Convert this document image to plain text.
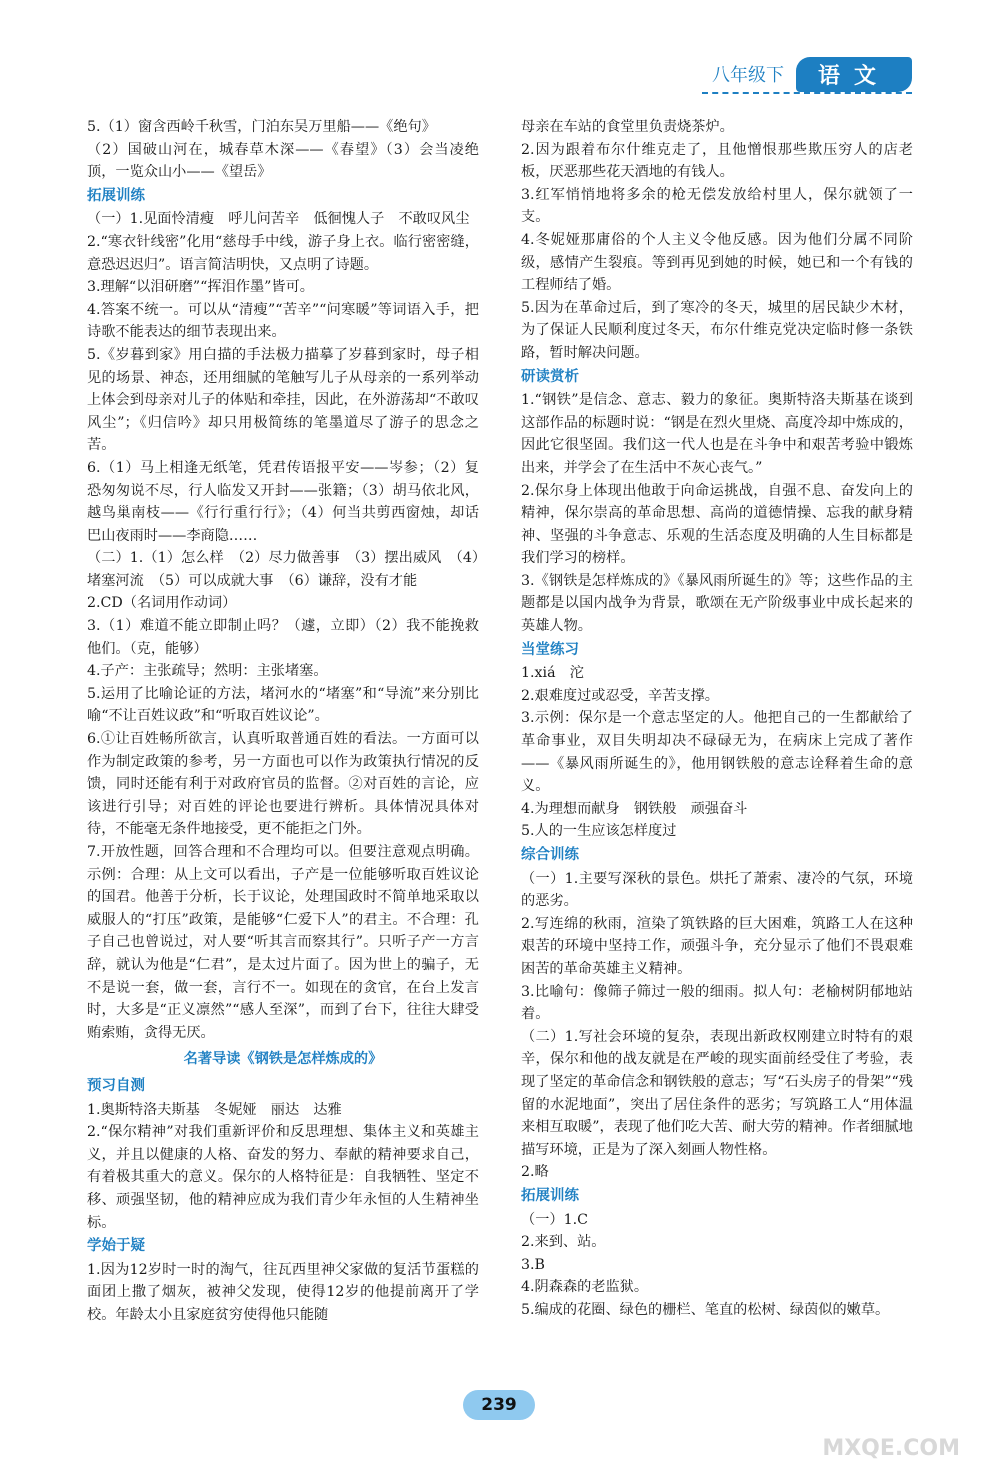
八年级下	语文

5.（1）窗含西岭千秋雪，门泊东吴万里船——《绝句》

（2）国破山河在，城春草木深——《春望》（3）会当凌绝顶，一览众山小——《望岳》

拓展训练

（一）1.见面怜清瘦　呼儿问苦辛　低徊愧人子　不敢叹风尘

2.“寒衣针线密”化用“慈母手中线，游子身上衣。临行密密缝，意恐迟迟归”。语言简洁明快，又点明了诗题。

3.理解“以泪研磨”“挥泪作墨”皆可。

4.答案不统一。可以从“清瘦”“苦辛”“问寒暖”等词语入手，把诗歌不能表达的细节表现出来。

5.《岁暮到家》用白描的手法极力描摹了岁暮到家时，母子相见的场景、神态，还用细腻的笔触写儿子从母亲的一系列举动上体会到母亲对儿子的体贴和牵挂，因此，在外游荡却“不敢叹风尘”；《归信吟》却只用极简练的笔墨道尽了游子的思念之苦。

6.（1）马上相逢无纸笔，凭君传语报平安——岑参；（2）复恐匆匆说不尽，行人临发又开封——张籍；（3）胡马依北风，越鸟巢南枝——《行行重行行》；（4）何当共剪西窗烛，却话巴山夜雨时——李商隐……

（二）1.（1）怎么样　（2）尽力做善事　（3）摆出威风　（4）堵塞河流　（5）可以成就大事　（6）谦辞，没有才能

2.CD（名词用作动词）

3.（1）难道不能立即制止吗？（遽，立即）（2）我不能挽救他们。（克，能够）

4.子产：主张疏导；然明：主张堵塞。

5.运用了比喻论证的方法，堵河水的“堵塞”和“导流”来分别比喻“不让百姓议政”和“听取百姓议论”。

6.①让百姓畅所欲言，认真听取普通百姓的看法。一方面可以作为制定政策的参考，另一方面也可以作为政策执行情况的反馈，同时还能有利于对政府官员的监督。②对百姓的言论，应该进行引导；对百姓的评论也要进行辨析。具体情况具体对待，不能毫无条件地接受，更不能拒之门外。

7.开放性题，回答合理和不合理均可以。但要注意观点明确。示例：合理：从上文可以看出，子产是一位能够听取百姓议论的国君。他善于分析，长于议论，处理国政时不简单地采取以威服人的“打压”政策，是能够“仁爱下人”的君主。不合理：孔子自己也曾说过，对人要“听其言而察其行”。只听子产一方言辞，就认为他是“仁君”，是太过片面了。因为世上的骗子，无不是说一套，做一套，言行不一。如现在的贪官，在台上发言时，大多是“正义凛然”“感人至深”，而到了台下，往往大肆受贿索贿，贪得无厌。

名著导读《钢铁是怎样炼成的》
预习自测

1.奥斯特洛夫斯基　冬妮娅　丽达　达雅

2.“保尔精神”对我们重新评价和反思理想、集体主义和英雄主义，并且以健康的人格、奋发的努力、奉献的精神要求自己，有着极其重大的意义。保尔的人格特征是：自我牺牲、坚定不移、顽强坚韧，他的精神应成为我们青少年永恒的人生精神坐标。

学始于疑

1.因为12岁时一时的淘气，往瓦西里神父家做的复活节蛋糕的面团上撒了烟灰，被神父发现，使得12岁的他提前离开了学校。年龄太小且家庭贫穷使得他只能随

母亲在车站的食堂里负责烧茶炉。

2.因为跟着布尔什维克走了，且他憎恨那些欺压穷人的店老板，厌恶那些花天酒地的有钱人。

3.红军悄悄地将多余的枪无偿发放给村里人，保尔就领了一支。

4.冬妮娅那庸俗的个人主义令他反感。因为他们分属不同阶级，感情产生裂痕。等到再见到她的时候，她已和一个有钱的工程师结了婚。

5.因为在革命过后，到了寒冷的冬天，城里的居民缺少木材，为了保证人民顺利度过冬天，布尔什维克党决定临时修一条铁路，暂时解决问题。

研读赏析

1.“钢铁”是信念、意志、毅力的象征。奥斯特洛夫斯基在谈到这部作品的标题时说：“钢是在烈火里烧、高度冷却中炼成的，因此它很坚固。我们这一代人也是在斗争中和艰苦考验中锻炼出来，并学会了在生活中不灰心丧气。”

2.保尔身上体现出他敢于向命运挑战，自强不息、奋发向上的精神，保尔崇高的革命思想、高尚的道德情操、忘我的献身精神、坚强的斗争意志、乐观的生活态度及明确的人生目标都是我们学习的榜样。

3.《钢铁是怎样炼成的》《暴风雨所诞生的》等；这些作品的主题都是以国内战争为背景，歌颂在无产阶级事业中成长起来的英雄人物。

当堂练习

1.xiá　沱

2.艰难度过或忍受，辛苦支撑。

3.示例：保尔是一个意志坚定的人。他把自己的一生都献给了革命事业，双目失明却决不碌碌无为，在病床上完成了著作——《暴风雨所诞生的》，他用钢铁般的意志诠释着生命的意义。

4.为理想而献身　钢铁般　顽强奋斗

5.人的一生应该怎样度过

综合训练

（一）1.主要写深秋的景色。烘托了萧索、凄冷的气氛，环境的恶劣。

2.写连绵的秋雨，渲染了筑铁路的巨大困难，筑路工人在这种艰苦的环境中坚持工作，顽强斗争，充分显示了他们不畏艰难困苦的革命英雄主义精神。

3.比喻句：像筛子筛过一般的细雨。拟人句：老榆树阴郁地站着。

（二）1.写社会环境的复杂，表现出新政权刚建立时特有的艰辛，保尔和他的战友就是在严峻的现实面前经受住了考验，表现了坚定的革命信念和钢铁般的意志；写“石头房子的骨架”“残留的水泥地面”，突出了居住条件的恶劣；写筑路工人“用体温来相互取暖”，表现了他们吃大苦、耐大劳的精神。作者细腻地描写环境，正是为了深入刻画人物性格。

2.略

拓展训练

（一）1.C

2.来到、站。

3.B

4.阴森森的老监狱。

5.编成的花圈、绿色的栅栏、笔直的松树、绿茵似的嫩草。

239
MXQE.COM
